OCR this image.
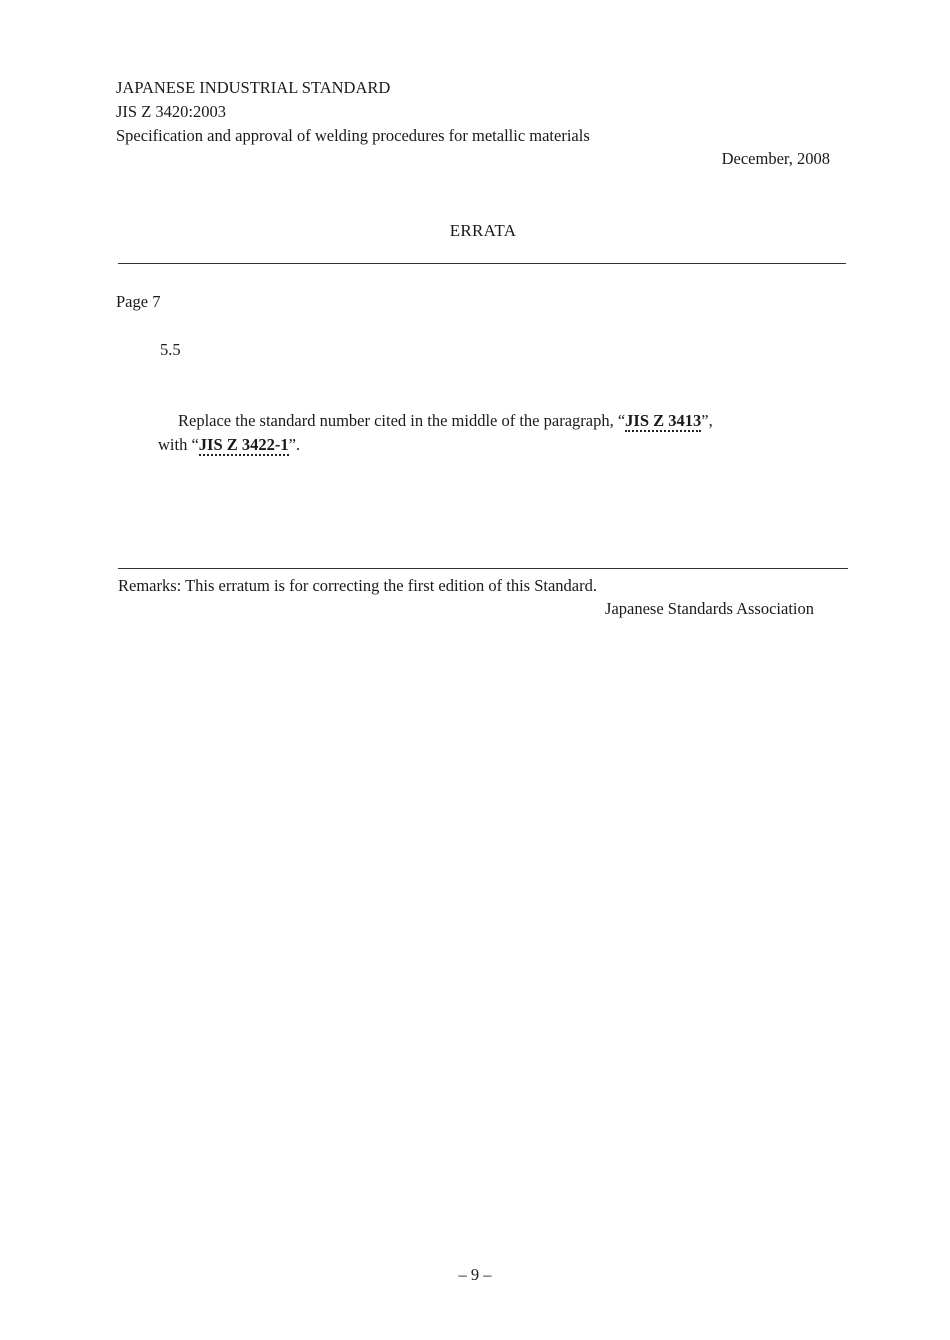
JAPANESE INDUSTRIAL STANDARD
JIS Z 3420:2003
Specification and approval of welding procedures for metallic materials
December, 2008
ERRATA
Page 7
5.5
Replace the standard number cited in the middle of the paragraph, “JIS Z 3413”,
with “JIS Z 3422-1”.
Remarks: This erratum is for correcting the first edition of this Standard.
Japanese Standards Association
– 9 –
